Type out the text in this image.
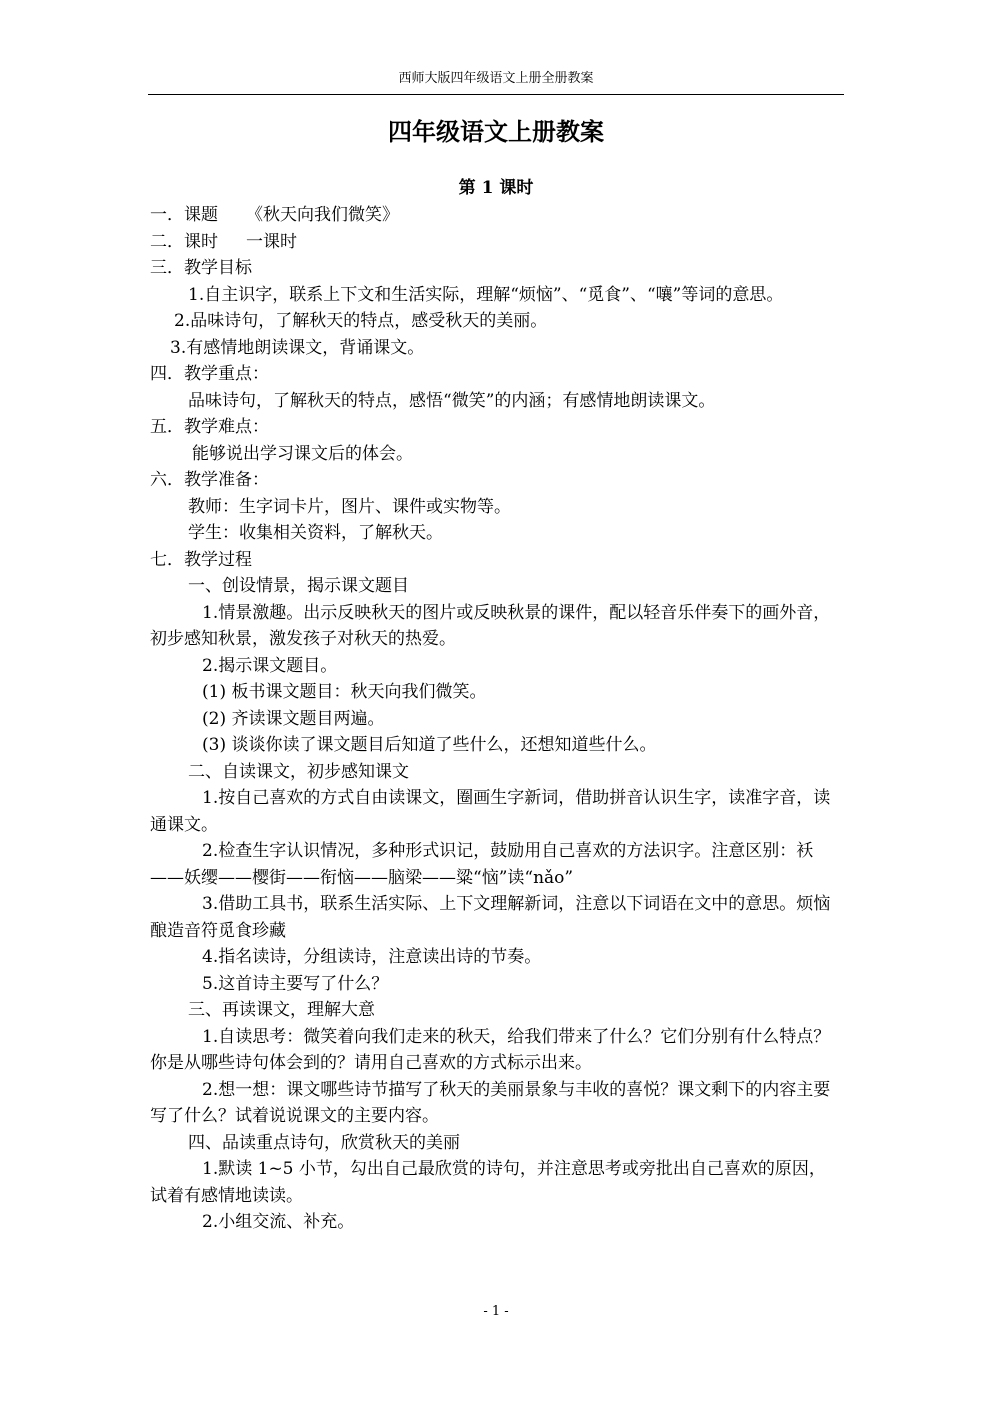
西师大版四年级语文上册全册教案
四年级语文上册教案
第 1 课时

一．课题 《秋天向我们微笑》

二．课时 一课时

三．教学目标

1.自主识字，联系上下文和生活实际，理解“烦恼”、“觅食”、“嚷”等词的意思。

2.品味诗句，了解秋天的特点，感受秋天的美丽。

3.有感情地朗读课文，背诵课文。

四．教学重点：

品味诗句，了解秋天的特点，感悟“微笑”的内涵；有感情地朗读课文。

五．教学难点：

能够说出学习课文后的体会。

六．教学准备：

教师：生字词卡片，图片、课件或实物等。

学生：收集相关资料，了解秋天。

七．教学过程

一、创设情景，揭示课文题目

1.情景激趣。出示反映秋天的图片或反映秋景的课件，配以轻音乐伴奏下的画外音，初步感知秋景，激发孩子对秋天的热爱。

2.揭示课文题目。

(1) 板书课文题目：秋天向我们微笑。

(2) 齐读课文题目两遍。

(3) 谈谈你读了课文题目后知道了些什么，还想知道些什么。

二、自读课文，初步感知课文

1.按自己喜欢的方式自由读课文，圈画生字新词，借助拼音认识生字，读准字音，读通课文。

2.检查生字认识情况，多种形式识记，鼓励用自己喜欢的方法识字。注意区别：袄——妖缨——樱街——衔恼——脑梁——粱“恼”读“nǎo”

3.借助工具书，联系生活实际、上下文理解新词，注意以下词语在文中的意思。烦恼酿造音符觅食珍藏

4.指名读诗，分组读诗，注意读出诗的节奏。

5.这首诗主要写了什么？

三、再读课文，理解大意

1.自读思考：微笑着向我们走来的秋天，给我们带来了什么？它们分别有什么特点？你是从哪些诗句体会到的？请用自己喜欢的方式标示出来。

2.想一想：课文哪些诗节描写了秋天的美丽景象与丰收的喜悦？课文剩下的内容主要写了什么？试着说说课文的主要内容。

四、品读重点诗句，欣赏秋天的美丽

1.默读 1~5 小节，勾出自己最欣赏的诗句，并注意思考或旁批出自己喜欢的原因，试着有感情地读读。

2.小组交流、补充。

- 1 -
